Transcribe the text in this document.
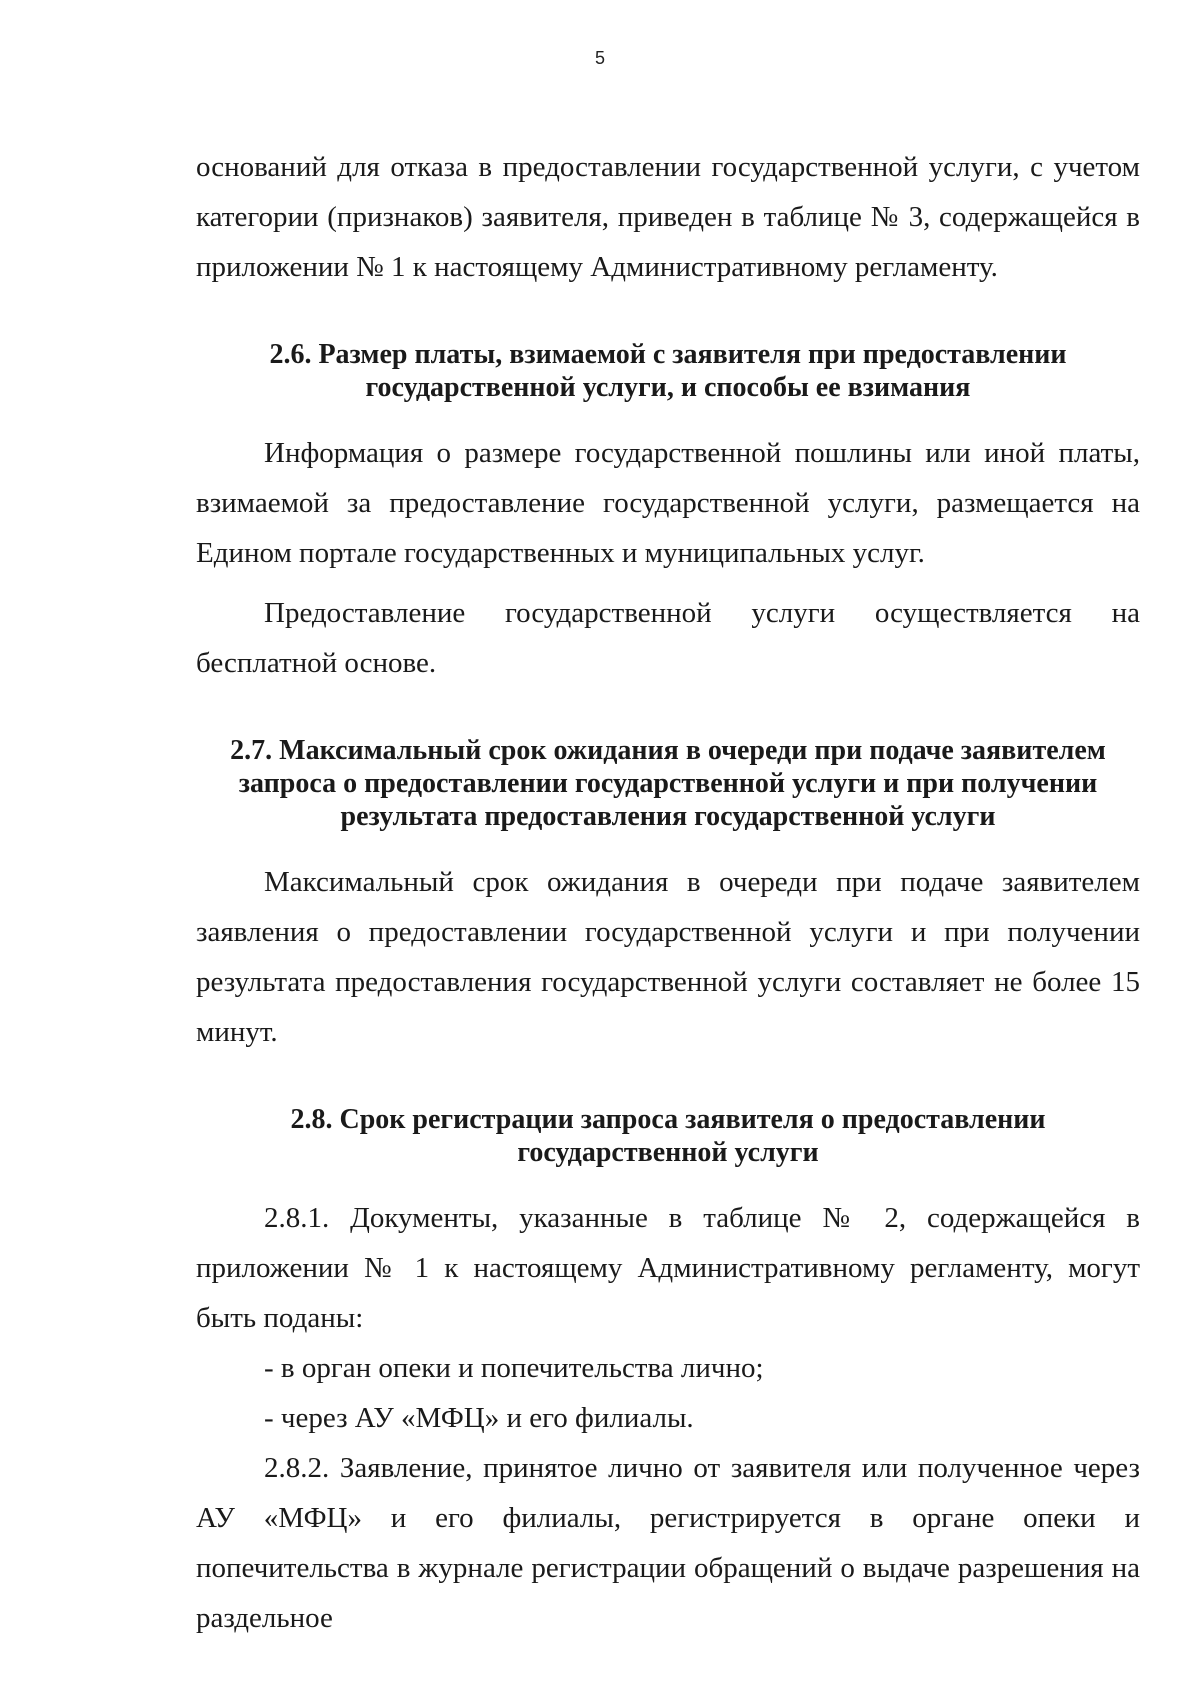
5

оснований для отказа в предоставлении государственной услуги, с учетом категории (признаков) заявителя, приведен в таблице № 3, содержащейся в приложении № 1 к настоящему Административному регламенту.

2.6. Размер платы, взимаемой с заявителя при предоставлении государственной услуги, и способы ее взимания

Информация о размере государственной пошлины или иной платы, взимаемой за предоставление государственной услуги, размещается на Едином портале государственных и муниципальных услуг.

Предоставление государственной услуги осуществляется на бесплатной основе.

2.7. Максимальный срок ожидания в очереди при подаче заявителем запроса о предоставлении государственной услуги и при получении результата предоставления государственной услуги

Максимальный срок ожидания в очереди при подаче заявителем заявления о предоставлении государственной услуги и при получении результата предоставления государственной услуги составляет не более 15 минут.

2.8. Срок регистрации запроса заявителя о предоставлении государственной услуги

2.8.1. Документы, указанные в таблице № 2, содержащейся в приложении № 1 к настоящему Административному регламенту, могут быть поданы:

- в орган опеки и попечительства лично;

- через АУ «МФЦ» и его филиалы.

2.8.2. Заявление, принятое лично от заявителя или полученное через АУ «МФЦ» и его филиалы, регистрируется в органе опеки и попечительства в журнале регистрации обращений о выдаче разрешения на раздельное
